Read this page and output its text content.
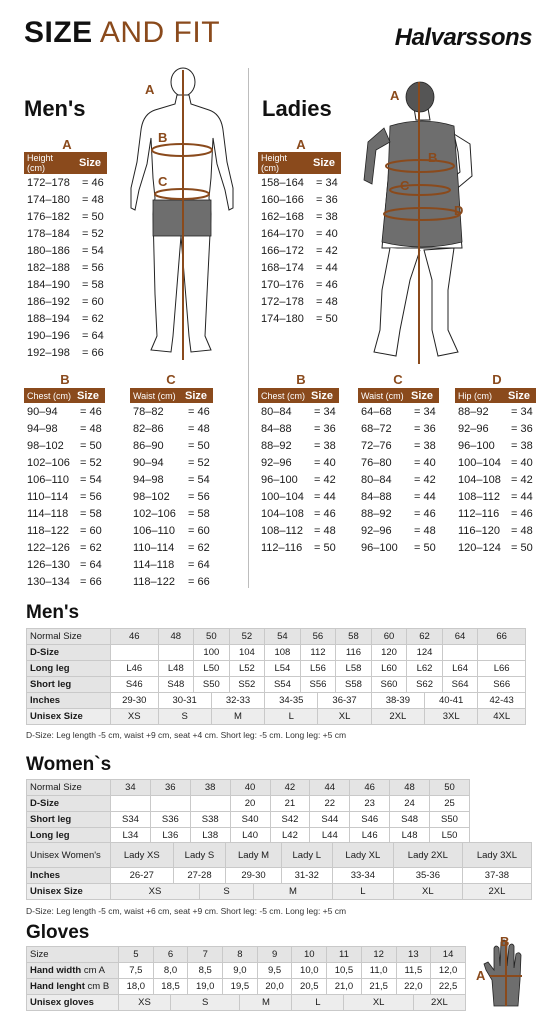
SIZE AND FIT	Halvarssons
Men's
A
Height (cm)	Size
172–178	= 46
174–180	= 48
176–182	= 50
178–184	= 52
180–186	= 54
182–188	= 56
184–190	= 58
186–192	= 60
188–194	= 62
190–196	= 64
192–198	= 66
A
B
C
B
Chest (cm)	Size
90–94	= 46
94–98	= 48
98–102	= 50
102–106	= 52
106–110	= 54
110–114	= 56
114–118	= 58
118–122	= 60
122–126	= 62
126–130	= 64
130–134	= 66
C
Waist (cm)	Size
78–82	= 46
82–86	= 48
86–90	= 50
90–94	= 52
94–98	= 54
98–102	= 56
102–106	= 58
106–110	= 60
110–114	= 62
114–118	= 64
118–122	= 66
Ladies
A
Height (cm)	Size
158–164	= 34
160–166	= 36
162–168	= 38
164–170	= 40
166–172	= 42
168–174	= 44
170–176	= 46
172–178	= 48
174–180	= 50
A
B
C
D
B
Chest (cm)	Size
80–84	= 34
84–88	= 36
88–92	= 38
92–96	= 40
96–100	= 42
100–104	= 44
104–108	= 46
108–112	= 48
112–116	= 50
C
Waist (cm)	Size
64–68	= 34
68–72	= 36
72–76	= 38
76–80	= 40
80–84	= 42
84–88	= 44
88–92	= 46
92–96	= 48
96–100	= 50
D
Hip (cm)	Size
88–92	= 34
92–96	= 36
96–100	= 38
100–104	= 40
104–108	= 42
108–112	= 44
112–116	= 46
116–120	= 48
120–124	= 50
Men's
Normal Size	46	48	50		52	54	56		58	60	62		64	66
D-Size			100		104	108	112		116	120	124			
Long leg	L46	L48	L50		L52	L54	L56		L58	L60	L62		L64	L66
Short leg	S46	S48	S50		S52	S54	S56		S58	S60	S62		S64	S66
Inches	29-30	30-31		32-33		34-35		36-37		38-39		40-41		42-43
Unisex Size	XS	S		M		L		XL		2XL		3XL		4XL
D-Size: Leg length -5 cm, waist +9 cm, seat +4 cm. Short leg: -5 cm. Long leg: +5 cm
Women`s
Normal Size	34	36	38	40	42	44	46	48	50
D-Size				20	21	22	23	24	25
Short leg	S34	S36	S38	S40	S42	S44	S46	S48	S50
Long leg	L34	L36	L38	L40	L42	L44	L46	L48	L50
Unisex Women's	Lady XS	Lady S		Lady M		Lady L	Lady XL	Lady 2XL	Lady 3XL
Inches	26-27	27-28		29-30		31-32	33-34	35-36	37-38
Unisex Size	XS		S		M		L	XL	2XL
D-Size: Leg length -5 cm, waist +6 cm, seat +9 cm. Short leg: -5 cm. Long leg: +5 cm
Gloves
Size	5	6		7	8		9	10	11		12	13		14
Hand width cm A	7,5	8,0		8,5	9,0		9,5	10,0	10,5		11,0	11,5		12,0
Hand lenght cm B	18,0	18,5		19,0	19,5		20,0	20,5	21,0		21,5	22,0		22,5
Unisex gloves	XS		S			M		L		XL			2XL	
B
A
